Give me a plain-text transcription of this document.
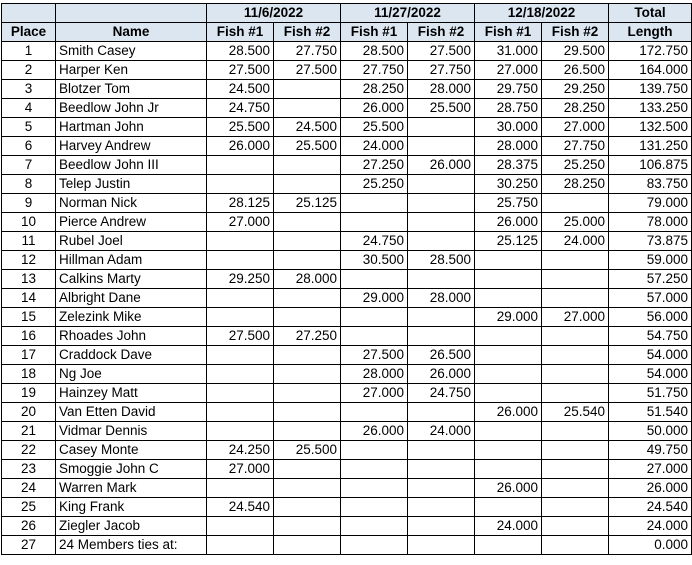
		11/6/2022		11/27/2022		12/18/2022		Total
Place	Name	Fish #1	Fish #2	Fish #1	Fish #2	Fish #1	Fish #2	Length
1	Smith Casey	28.500	27.750	28.500	27.500	31.000	29.500	172.750
2	Harper Ken	27.500	27.500	27.750	27.750	27.000	26.500	164.000
3	Blotzer Tom	24.500		28.250	28.000	29.750	29.250	139.750
4	Beedlow John Jr	24.750		26.000	25.500	28.750	28.250	133.250
5	Hartman John	25.500	24.500	25.500		30.000	27.000	132.500
6	Harvey Andrew	26.000	25.500	24.000		28.000	27.750	131.250
7	Beedlow John III			27.250	26.000	28.375	25.250	106.875
8	Telep Justin			25.250		30.250	28.250	83.750
9	Norman Nick	28.125	25.125			25.750		79.000
10	Pierce Andrew	27.000				26.000	25.000	78.000
11	Rubel Joel			24.750		25.125	24.000	73.875
12	Hillman Adam			30.500	28.500			59.000
13	Calkins Marty	29.250	28.000					57.250
14	Albright Dane			29.000	28.000			57.000
15	Zelezink Mike					29.000	27.000	56.000
16	Rhoades John	27.500	27.250					54.750
17	Craddock Dave			27.500	26.500			54.000
18	Ng Joe			28.000	26.000			54.000
19	Hainzey Matt			27.000	24.750			51.750
20	Van Etten David					26.000	25.540	51.540
21	Vidmar Dennis			26.000	24.000			50.000
22	Casey Monte	24.250	25.500					49.750
23	Smoggie John C	27.000						27.000
24	Warren Mark					26.000		26.000
25	King Frank	24.540						24.540
26	Ziegler Jacob					24.000		24.000
27	24 Members ties at:							0.000
